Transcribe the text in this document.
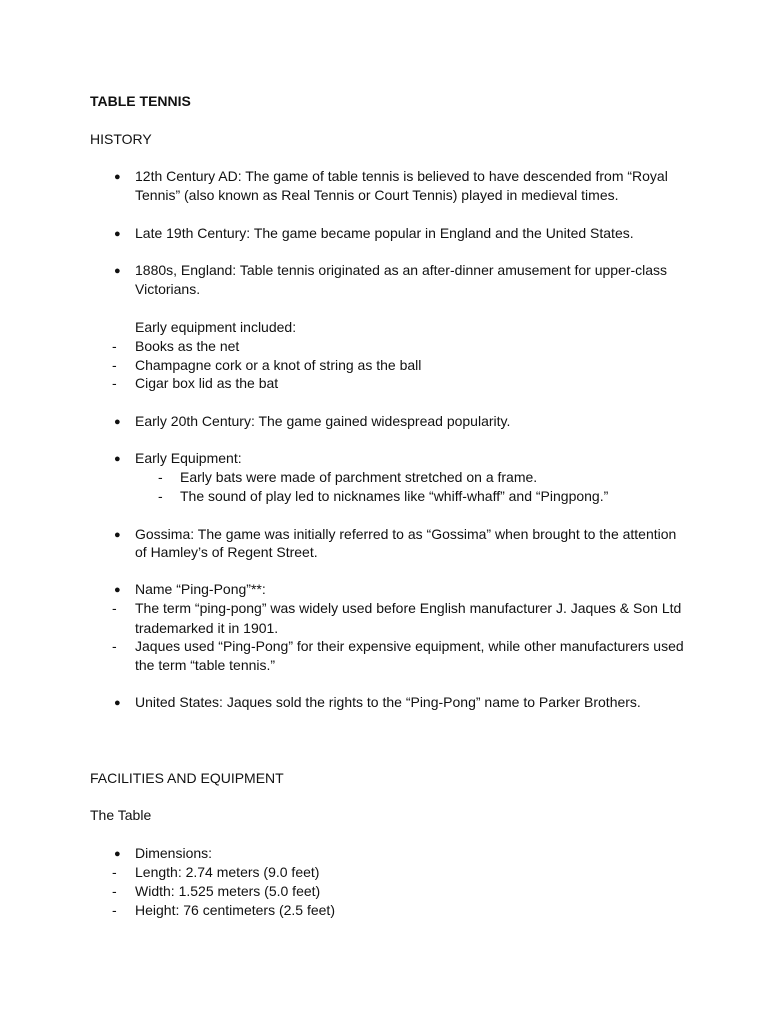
TABLE TENNIS

HISTORY

● 12th Century AD: The game of table tennis is believed to have descended from “Royal

Tennis” (also known as Real Tennis or Court Tennis) played in medieval times.

● Late 19th Century: The game became popular in England and the United States.

● 1880s, England: Table tennis originated as an after-dinner amusement for upper-class

Victorians.

Early equipment included:

- Books as the net

- Champagne cork or a knot of string as the ball

- Cigar box lid as the bat

● Early 20th Century: The game gained widespread popularity.

● Early Equipment:

- Early bats were made of parchment stretched on a frame.

- The sound of play led to nicknames like “whiff-whaff” and “Pingpong.”

● Gossima: The game was initially referred to as “Gossima” when brought to the attention

of Hamley’s of Regent Street.

● Name “Ping-Pong”**:

- The term “ping-pong” was widely used before English manufacturer J. Jaques & Son Ltd

trademarked it in 1901.

- Jaques used “Ping-Pong” for their expensive equipment, while other manufacturers used

the term “table tennis.”

● United States: Jaques sold the rights to the “Ping-Pong” name to Parker Brothers.

FACILITIES AND EQUIPMENT

The Table

● Dimensions:

- Length: 2.74 meters (9.0 feet)

- Width: 1.525 meters (5.0 feet)

- Height: 76 centimeters (2.5 feet)
